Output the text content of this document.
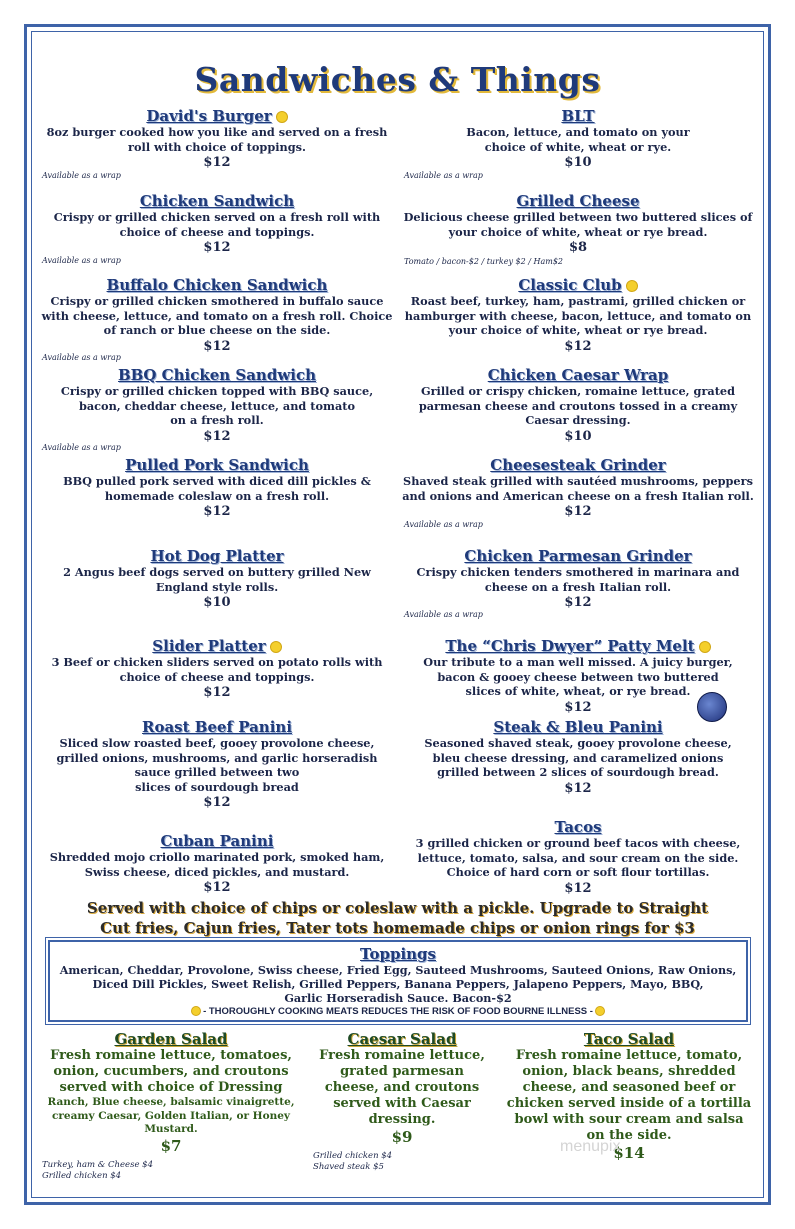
Sandwiches & Things
David's Burger
8oz burger cooked how you like and served on a fresh
roll with choice of toppings.
$12
Available as a wrap
Chicken Sandwich
Crispy or grilled chicken served on a fresh roll with
choice of cheese and toppings.
$12
Available as a wrap
Buffalo Chicken Sandwich
Crispy or grilled chicken smothered in buffalo sauce
with cheese, lettuce, and tomato on a fresh roll. Choice
of ranch or blue cheese on the side.
$12
Available as a wrap
BBQ Chicken Sandwich
Crispy or grilled chicken topped with BBQ sauce,
bacon, cheddar cheese, lettuce, and tomato
on a fresh roll.
$12
Available as a wrap
Pulled Pork Sandwich
BBQ pulled pork served with diced dill pickles &
homemade coleslaw on a fresh roll.
$12
Hot Dog Platter
2 Angus beef dogs served on buttery grilled New
England style rolls.
$10
Slider Platter
3 Beef or chicken sliders served on potato rolls with
choice of cheese and toppings.
$12
Roast Beef Panini
Sliced slow roasted beef, gooey provolone cheese,
grilled onions, mushrooms, and garlic horseradish
sauce grilled between two
slices of sourdough bread
$12
Cuban Panini
Shredded mojo criollo marinated pork, smoked ham,
Swiss cheese, diced pickles, and mustard.
$12
BLT
Bacon, lettuce, and tomato on your
choice of white, wheat or rye.
$10
Available as a wrap
Grilled Cheese
Delicious cheese grilled between two buttered slices of
your choice of white, wheat or rye bread.
$8
Tomato / bacon-$2 / turkey $2 / Ham$2
Classic Club
Roast beef, turkey, ham, pastrami, grilled chicken or
hamburger with cheese, bacon, lettuce, and tomato on
your choice of white, wheat or rye bread.
$12
Chicken Caesar Wrap
Grilled or crispy chicken, romaine lettuce, grated
parmesan cheese and croutons tossed in a creamy
Caesar dressing.
$10
Cheesesteak Grinder
Shaved steak grilled with sautéed mushrooms, peppers
and onions and American cheese on a fresh Italian roll.
$12
Available as a wrap
Chicken Parmesan Grinder
Crispy chicken tenders smothered in marinara and
cheese on a fresh Italian roll.
$12
Available as a wrap
The “Chris Dwyer” Patty Melt
Our tribute to a man well missed. A juicy burger,
bacon & gooey cheese between two buttered
slices of white, wheat, or rye bread.
$12
Steak & Bleu Panini
Seasoned shaved steak, gooey provolone cheese,
bleu cheese dressing, and caramelized onions
grilled between 2 slices of sourdough bread.
$12
Tacos
3 grilled chicken or ground beef tacos with cheese,
lettuce, tomato, salsa, and sour cream on the side.
Choice of hard corn or soft flour tortillas.
$12
Served with choice of chips or coleslaw with a pickle. Upgrade to Straight
Cut fries, Cajun fries, Tater tots homemade chips or onion rings for $3
Toppings
American, Cheddar, Provolone, Swiss cheese, Fried Egg, Sauteed Mushrooms, Sauteed Onions, Raw Onions,
Diced Dill Pickles, Sweet Relish, Grilled Peppers, Banana Peppers, Jalapeno Peppers, Mayo, BBQ,
Garlic Horseradish Sauce. Bacon-$2
- THOROUGHLY COOKING MEATS REDUCES THE RISK OF FOOD BOURNE ILLNESS -
Garden Salad
Fresh romaine lettuce, tomatoes,
onion, cucumbers, and croutons
served with choice of Dressing
Ranch, Blue cheese, balsamic vinaigrette,
creamy Caesar, Golden Italian, or Honey
Mustard.
$7
Turkey, ham & Cheese $4
Grilled chicken $4
Caesar Salad
Fresh romaine lettuce,
grated parmesan
cheese, and croutons
served with Caesar
dressing.
$9
Grilled chicken $4
Shaved steak $5
Taco Salad
Fresh romaine lettuce, tomato,
onion, black beans, shredded
cheese, and seasoned beef or
chicken served inside of a tortilla
bowl with sour cream and salsa
on the side.
$14
menupix
